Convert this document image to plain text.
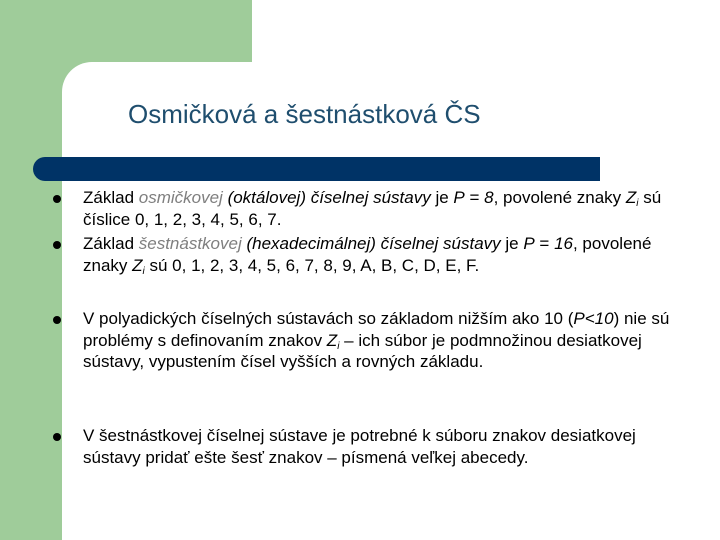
Osmičková a šestnástková ČS
Základ osmičkovej (oktálovej) číselnej sústavy je P = 8, povolené znaky $Z_i$ sú číslice 0, 1, 2, 3, 4, 5, 6, 7.
Základ šestnástkovej (hexadecimálnej) číselnej sústavy je P = 16, povolené znaky $Z_i$ sú 0, 1, 2, 3, 4, 5, 6, 7, 8, 9, A, B, C, D, E, F.
V polyadických číselných sústavách so základom nižším ako 10 (P<10) nie sú problémy s definovaním znakov $Z_i$ – ich súbor je podmnožinou desiatkovej sústavy, vypustením čísel vyšších a rovných základu.
V šestnástkovej číselnej sústave je potrebné k súboru znakov desiatkovej sústavy pridať ešte šesť znakov – písmená veľkej abecedy.
